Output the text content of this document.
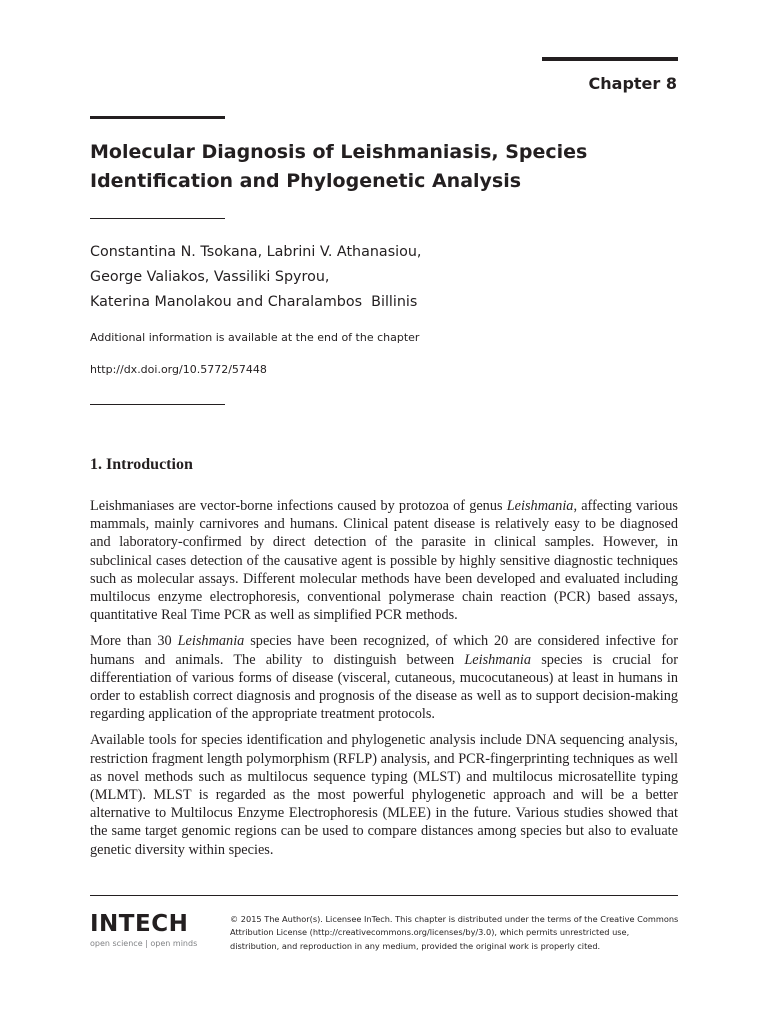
Chapter 8
Molecular Diagnosis of Leishmaniasis, Species
Identification and Phylogenetic Analysis
Constantina N. Tsokana, Labrini V. Athanasiou,
George Valiakos, Vassiliki Spyrou,
Katerina Manolakou and Charalambos  Billinis
Additional information is available at the end of the chapter
http://dx.doi.org/10.5772/57448
1. Introduction

Leishmaniases are vector-borne infections caused by protozoa of genus Leishmania, affecting various mammals, mainly carnivores and humans. Clinical patent disease is relatively easy to be diagnosed and laboratory-confirmed by direct detection of the parasite in clinical samples. However, in subclinical cases detection of the causative agent is possible by highly sensitive diagnostic techniques such as molecular assays. Different molecular methods have been developed and evaluated including multilocus enzyme electrophoresis, conventional polymerase chain reaction (PCR) based assays, quantitative Real Time PCR as well as simplified PCR methods.

More than 30 Leishmania species have been recognized, of which 20 are considered infective for humans and animals. The ability to distinguish between Leishmania species is crucial for differentiation of various forms of disease (visceral, cutaneous, mucocutaneous) at least in humans in order to establish correct diagnosis and prognosis of the disease as well as to support decision-making regarding application of the appropriate treatment protocols.

Available tools for species identification and phylogenetic analysis include DNA sequencing analysis, restriction fragment length polymorphism (RFLP) analysis, and PCR-fingerprinting techniques as well as novel methods such as multilocus sequence typing (MLST) and multilocus microsatellite typing (MLMT). MLST is regarded as the most powerful phylogenetic approach and will be a better alternative to Multilocus Enzyme Electrophoresis (MLEE) in the future. Various studies showed that the same target genomic regions can be used to compare distances among species but also to evaluate genetic diversity within species.

INTECH
open science | open minds
© 2015 The Author(s). Licensee InTech. This chapter is distributed under the terms of the Creative Commons
Attribution License (http://creativecommons.org/licenses/by/3.0), which permits unrestricted use,
distribution, and reproduction in any medium, provided the original work is properly cited.
